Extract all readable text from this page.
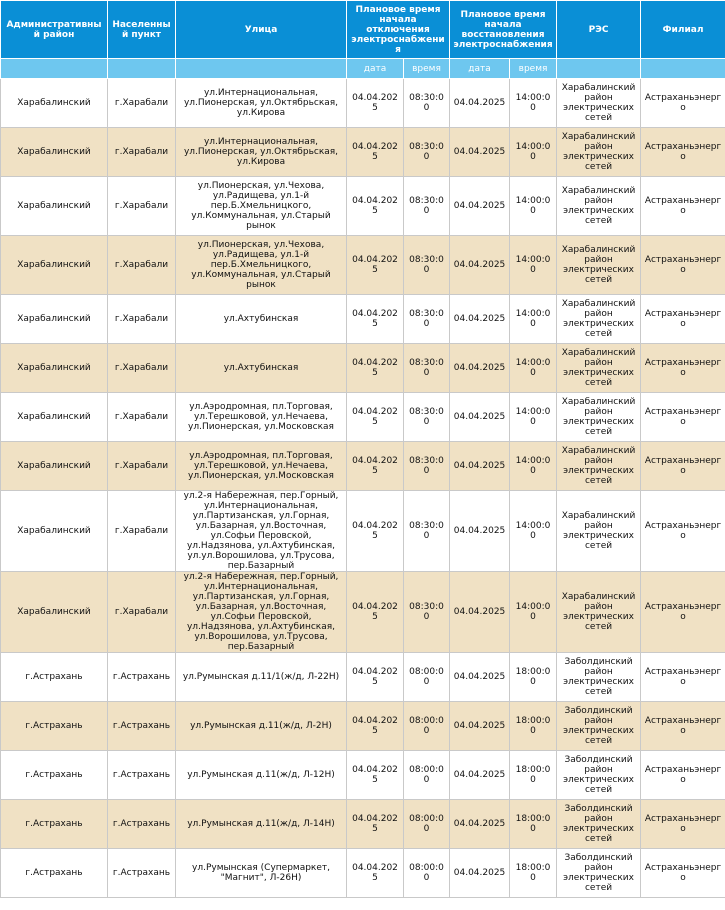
Административный район	Населенный пункт	Улица	Плановое время начала отключения электроснабжения		Плановое время начала восстановления электроснабжения		РЭС	Филиал
			дата	время	дата	время		
Харабалинский	г.Харабали	ул.Интернациональная, ул.Пионерская, ул.Октябрьская, ул.Кирова	04.04.2025	08:30:00	04.04.2025	14:00:00	Харабалинский район электрических сетей	Астраханьэнерго
Харабалинский	г.Харабали	ул.Интернациональная, ул.Пионерская, ул.Октябрьская, ул.Кирова	04.04.2025	08:30:00	04.04.2025	14:00:00	Харабалинский район электрических сетей	Астраханьэнерго
Харабалинский	г.Харабали	ул.Пионерская, ул.Чехова, ул.Радищева, ул.1-й пер.Б.Хмельницкого, ул.Коммунальная, ул.Старый рынок	04.04.2025	08:30:00	04.04.2025	14:00:00	Харабалинский район электрических сетей	Астраханьэнерго
Харабалинский	г.Харабали	ул.Пионерская, ул.Чехова, ул.Радищева, ул.1-й пер.Б.Хмельницкого, ул.Коммунальная, ул.Старый рынок	04.04.2025	08:30:00	04.04.2025	14:00:00	Харабалинский район электрических сетей	Астраханьэнерго
Харабалинский	г.Харабали	ул.Ахтубинская	04.04.2025	08:30:00	04.04.2025	14:00:00	Харабалинский район электрических сетей	Астраханьэнерго
Харабалинский	г.Харабали	ул.Ахтубинская	04.04.2025	08:30:00	04.04.2025	14:00:00	Харабалинский район электрических сетей	Астраханьэнерго
Харабалинский	г.Харабали	ул.Аэродромная, пл.Торговая, ул.Терешковой, ул.Нечаева, ул.Пионерская, ул.Московская	04.04.2025	08:30:00	04.04.2025	14:00:00	Харабалинский район электрических сетей	Астраханьэнерго
Харабалинский	г.Харабали	ул.Аэродромная, пл.Торговая, ул.Терешковой, ул.Нечаева, ул.Пионерская, ул.Московская	04.04.2025	08:30:00	04.04.2025	14:00:00	Харабалинский район электрических сетей	Астраханьэнерго
Харабалинский	г.Харабали	ул.2-я Набережная, пер.Горный, ул.Интернациональная, ул.Партизанская, ул.Горная, ул.Базарная, ул.Восточная, ул.Софьи Перовской, ул.Надзянова, ул.Ахтубинская, ул.ул.Ворошилова, ул.Трусова, пер.Базарный	04.04.2025	08:30:00	04.04.2025	14:00:00	Харабалинский район электрических сетей	Астраханьэнерго
Харабалинский	г.Харабали	ул.2-я Набережная, пер.Горный, ул.Интернациональная, ул.Партизанская, ул.Горная, ул.Базарная, ул.Восточная, ул.Софьи Перовской, ул.Надзянова, ул.Ахтубинская, ул.Ворошилова, ул.Трусова, пер.Базарный	04.04.2025	08:30:00	04.04.2025	14:00:00	Харабалинский район электрических сетей	Астраханьэнерго
г.Астрахань	г.Астрахань	ул.Румынская д.11/1(ж/д, Л-22Н)	04.04.2025	08:00:00	04.04.2025	18:00:00	Заболдинский район электрических сетей	Астраханьэнерго
г.Астрахань	г.Астрахань	ул.Румынская д.11(ж/д, Л-2Н)	04.04.2025	08:00:00	04.04.2025	18:00:00	Заболдинский район электрических сетей	Астраханьэнерго
г.Астрахань	г.Астрахань	ул.Румынская д.11(ж/д, Л-12Н)	04.04.2025	08:00:00	04.04.2025	18:00:00	Заболдинский район электрических сетей	Астраханьэнерго
г.Астрахань	г.Астрахань	ул.Румынская д.11(ж/д, Л-14Н)	04.04.2025	08:00:00	04.04.2025	18:00:00	Заболдинский район электрических сетей	Астраханьэнерго
г.Астрахань	г.Астрахань	ул.Румынская (Супермаркет, "Магнит", Л-26Н)	04.04.2025	08:00:00	04.04.2025	18:00:00	Заболдинский район электрических сетей	Астраханьэнерго
